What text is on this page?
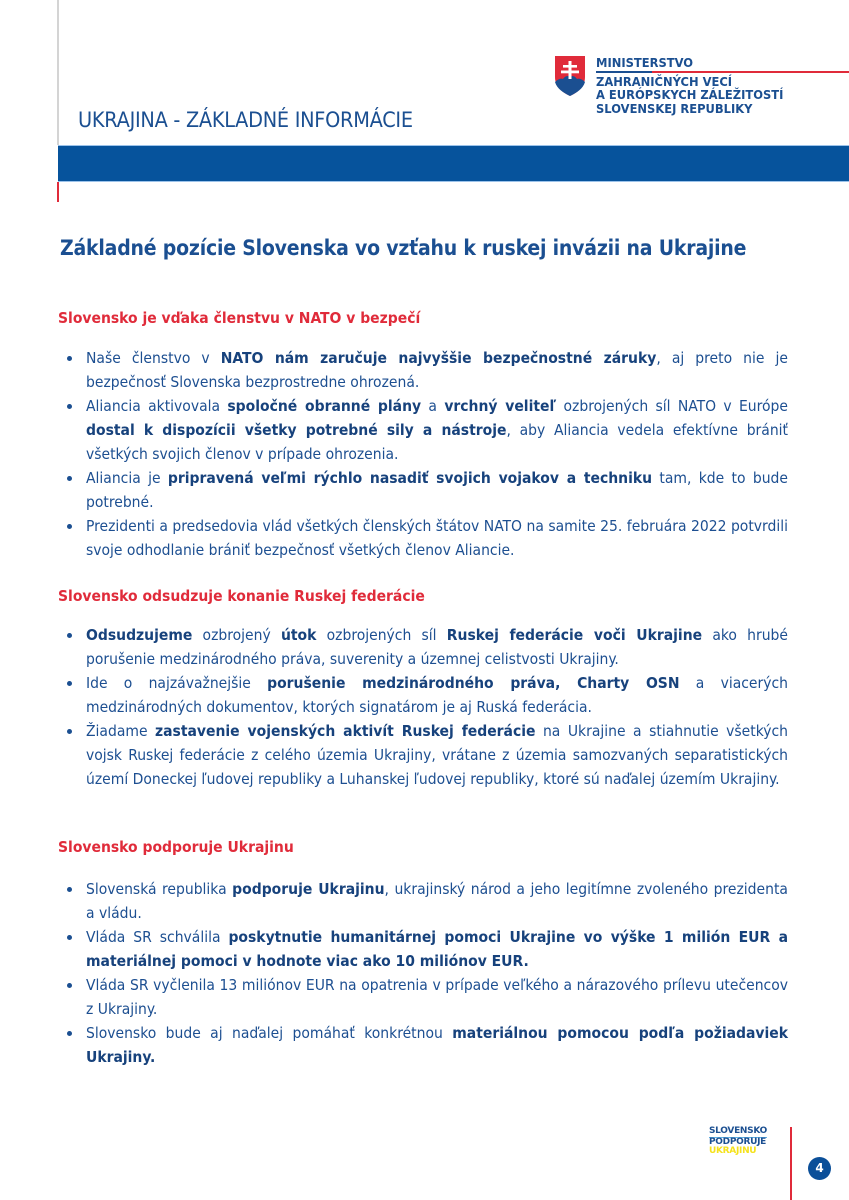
UKRAJINA - ZÁKLADNÉ INFORMÁCIE
MINISTERSTVO
ZAHRANIČNÝCH VECÍ
A EURÓPSKYCH ZÁLEŽITOSTÍ
SLOVENSKEJ REPUBLIKY
Základné pozície Slovenska vo vzťahu k ruskej invázii na Ukrajine
Slovensko je vďaka členstvu v NATO v bezpečí
Naše členstvo v NATO nám zaručuje najvyššie bezpečnostné záruky, aj preto nie je bezpečnosť Slovenska bezprostredne ohrozená.
Aliancia aktivovala spoločné obranné plány a vrchný veliteľ ozbrojených síl NATO v Európe dostal k dispozícii všetky potrebné sily a nástroje, aby Aliancia vedela efektívne brániť všetkých svojich členov v prípade ohrozenia.
Aliancia je pripravená veľmi rýchlo nasadiť svojich vojakov a techniku tam, kde to bude potrebné.
Prezidenti a predsedovia vlád všetkých členských štátov NATO na samite 25. februára 2022 potvrdili svoje odhodlanie brániť bezpečnosť všetkých členov Aliancie.
Slovensko odsudzuje konanie Ruskej federácie
Odsudzujeme ozbrojený útok ozbrojených síl Ruskej federácie voči Ukrajine ako hrubé porušenie medzinárodného práva, suverenity a územnej celistvosti Ukrajiny.
Ide o najzávažnejšie porušenie medzinárodného práva, Charty OSN a viacerých medzinárodných dokumentov, ktorých signatárom je aj Ruská federácia.
Žiadame zastavenie vojenských aktivít Ruskej federácie na Ukrajine a stiahnutie všetkých vojsk Ruskej federácie z celého územia Ukrajiny, vrátane z územia samozvaných separatistických území Doneckej ľudovej republiky a Luhanskej ľudovej republiky, ktoré sú naďalej územím Ukrajiny.
Slovensko podporuje Ukrajinu
Slovenská republika podporuje Ukrajinu, ukrajinský národ a jeho legitímne zvoleného prezidenta a vládu.
Vláda SR schválila poskytnutie humanitárnej pomoci Ukrajine vo výške 1 milión EUR a materiálnej pomoci v hodnote viac ako 10 miliónov EUR.
Vláda SR vyčlenila 13 miliónov EUR na opatrenia v prípade veľkého a nárazového prílevu utečencov z Ukrajiny.
Slovensko bude aj naďalej pomáhať konkrétnou materiálnou pomocou podľa požiadaviek Ukrajiny.
SLOVENSKO
PODPORUJE
UKRAJINU
4
